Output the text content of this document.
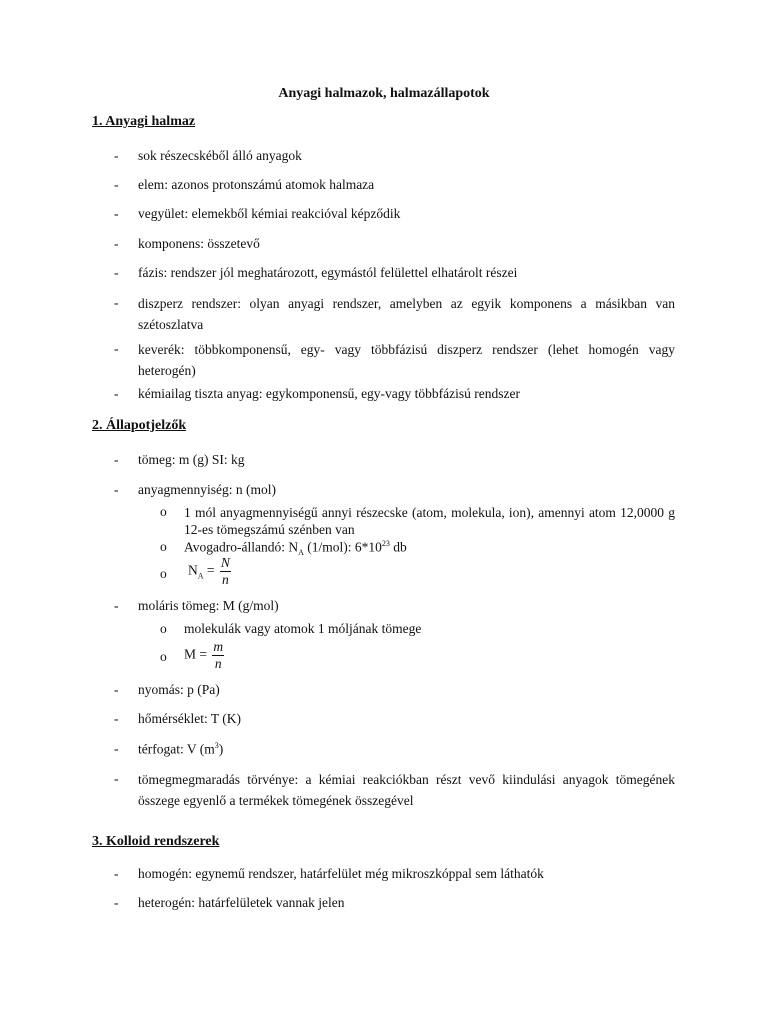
Anyagi halmazok, halmazállapotok
1. Anyagi halmaz
- sok részecskéből álló anyagok
- elem: azonos protonszámú atomok halmaza
- vegyület: elemekből kémiai reakcióval képződik
- komponens: összetevő
- fázis: rendszer jól meghatározott, egymástól felülettel elhatárolt részei
- diszperz rendszer: olyan anyagi rendszer, amelyben az egyik komponens a másikban van szétoszlatva
- keverék: többkomponensű, egy- vagy többfázisú diszperz rendszer (lehet homogén vagy heterogén)
- kémiailag tiszta anyag: egykomponensű, egy-vagy többfázisú rendszer
2. Állapotjelzők
- tömeg: m (g) SI: kg
- anyagmennyiség: n (mol)
o 1 mól anyagmennyiségű annyi részecske (atom, molekula, ion), amennyi atom 12,0000 g 12-es tömegszámú szénben van
o Avogadro-állandó: $N_A$ (1/mol): $6*10^{23}$ db
o $N_A = \frac{N}{n}$
- moláris tömeg: M (g/mol)
o molekulák vagy atomok 1 móljának tömege
o $M = \frac{m}{n}$
- nyomás: p (Pa)
- hőmérséklet: T (K)
- térfogat: V $(m^3)$
- tömegmegmaradás törvénye: a kémiai reakciókban részt vevő kiindulási anyagok tömegének összege egyenlő a termékek tömegének összegével
3. Kolloid rendszerek
- homogén: egynemű rendszer, határfelület még mikroszkóppal sem láthatók
- heterogén: határfelületek vannak jelen
